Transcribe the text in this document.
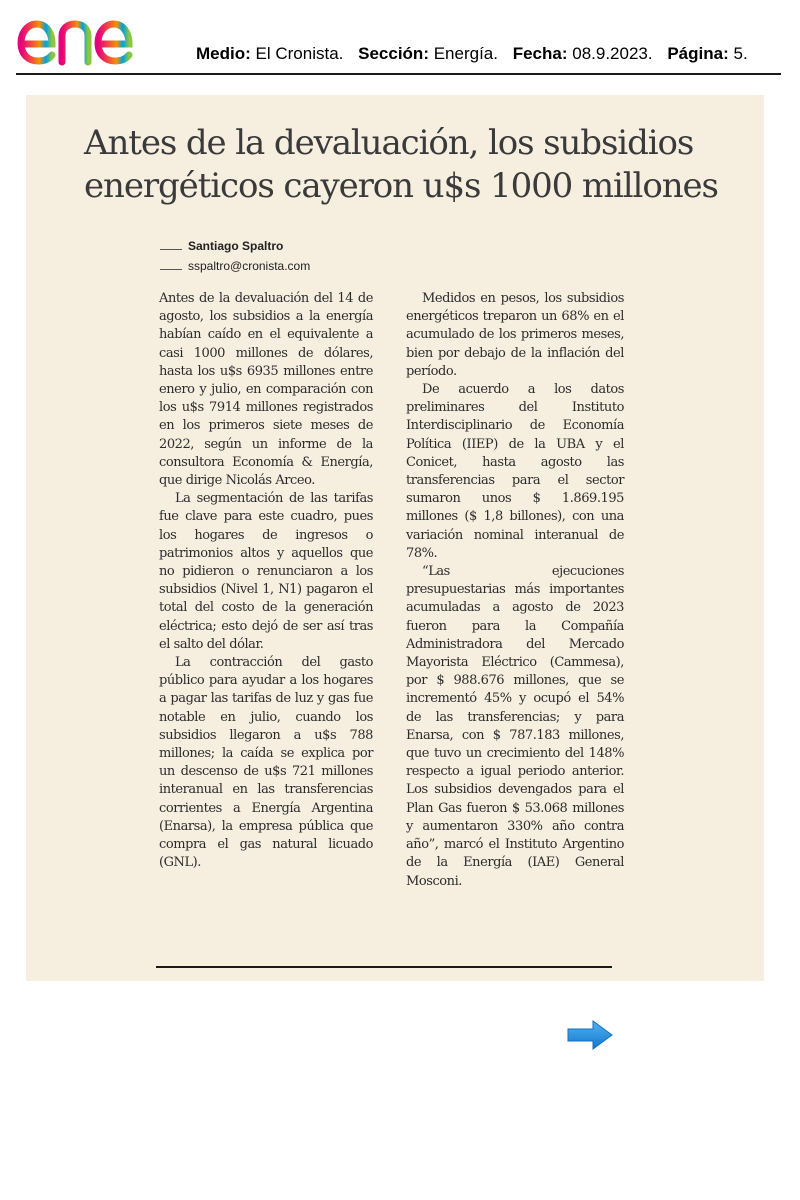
Medio: El Cronista. Sección: Energía. Fecha: 08.9.2023. Página: 5.
Antes de la devaluación, los subsidios energéticos cayeron u$s 1000 millones
Santiago Spaltro
sspaltro@cronista.com

Antes de la devaluación del 14 de agosto, los subsidios a la energía habían caído en el equivalente a casi 1000 millones de dólares, hasta los u$s 6935 millones entre enero y julio, en comparación con los u$s 7914 millones registrados en los primeros siete meses de 2022, según un informe de la consultora Economía & Energía, que dirige Nicolás Arceo.

La segmentación de las tarifas fue clave para este cuadro, pues los hogares de ingresos o patrimonios altos y aquellos que no pidieron o renunciaron a los subsidios (Nivel 1, N1) pagaron el total del costo de la generación eléctrica; esto dejó de ser así tras el salto del dólar.

La contracción del gasto público para ayudar a los hogares a pagar las tarifas de luz y gas fue notable en julio, cuando los subsidios llegaron a u$s 788 millones; la caída se explica por un descenso de u$s 721 millones interanual en las transferencias corrientes a Energía Argentina (Enarsa), la empresa pública que compra el gas natural licuado (GNL).

Medidos en pesos, los subsidios energéticos treparon un 68% en el acumulado de los primeros meses, bien por debajo de la inflación del período.

De acuerdo a los datos preliminares del Instituto Interdisciplinario de Economía Política (IIEP) de la UBA y el Conicet, hasta agosto las transferencias para el sector sumaron unos $ 1.869.195 millones ($ 1,8 billones), con una variación nominal interanual de 78%.

“Las ejecuciones presupuestarias más importantes acumuladas a agosto de 2023 fueron para la Compañía Administradora del Mercado Mayorista Eléctrico (Cammesa), por $ 988.676 millones, que se incrementó 45% y ocupó el 54% de las transferencias; y para Enarsa, con $ 787.183 millones, que tuvo un crecimiento del 148% respecto a igual periodo anterior. Los subsidios devengados para el Plan Gas fueron $ 53.068 millones y aumentaron 330% año contra año”, marcó el Instituto Argentino de la Energía (IAE) General Mosconi.
